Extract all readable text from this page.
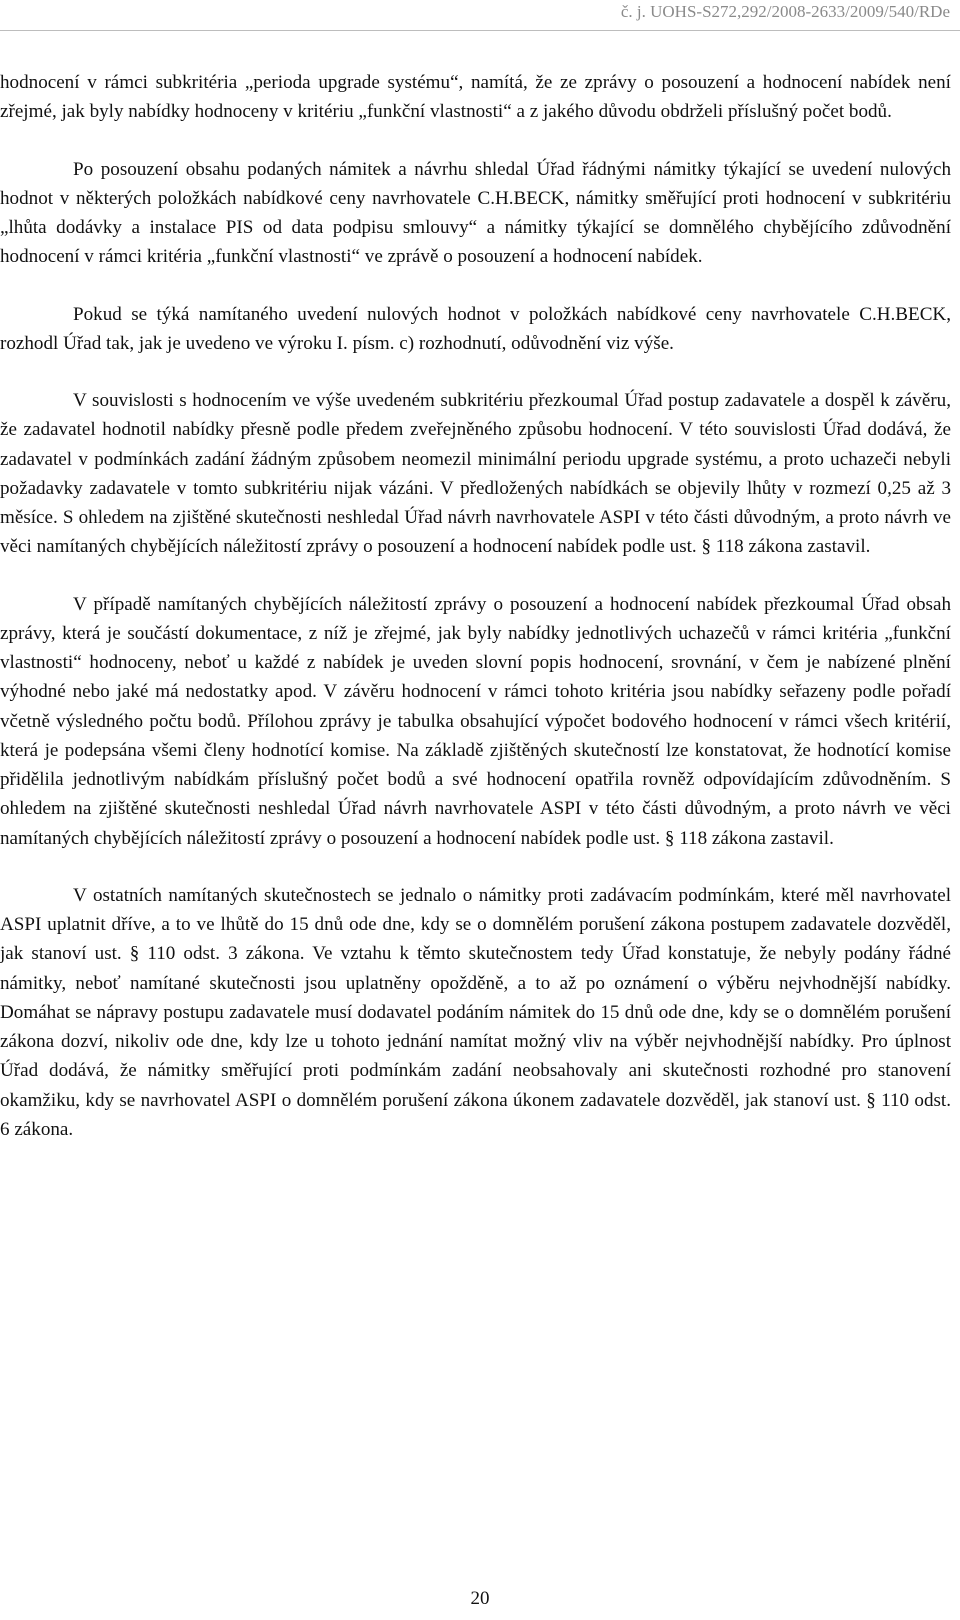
č. j. UOHS-S272,292/2008-2633/2009/540/RDe

hodnocení v rámci subkritéria „perioda upgrade systému“, namítá, že ze zprávy o posouzení a hodnocení nabídek není zřejmé, jak byly nabídky hodnoceny v kritériu „funkční vlastnosti“ a z jakého důvodu obdrželi příslušný počet bodů.

Po posouzení obsahu podaných námitek a návrhu shledal Úřad řádnými námitky týkající se uvedení nulových hodnot v některých položkách nabídkové ceny navrhovatele C.H.BECK, námitky směřující proti hodnocení v subkritériu „lhůta dodávky a instalace PIS od data podpisu smlouvy“ a námitky týkající se domnělého chybějícího zdůvodnění hodnocení v rámci kritéria „funkční vlastnosti“ ve zprávě o posouzení a hodnocení nabídek.

Pokud se týká namítaného uvedení nulových hodnot v položkách nabídkové ceny navrhovatele C.H.BECK, rozhodl Úřad tak, jak je uvedeno ve výroku I. písm. c) rozhodnutí, odůvodnění viz výše.

V souvislosti s hodnocením ve výše uvedeném subkritériu přezkoumal Úřad postup zadavatele a dospěl k závěru, že zadavatel hodnotil nabídky přesně podle předem zveřejněného způsobu hodnocení. V této souvislosti Úřad dodává, že zadavatel v podmínkách zadání žádným způsobem neomezil minimální periodu upgrade systému, a proto uchazeči nebyli požadavky zadavatele v tomto subkritériu nijak vázáni. V předložených nabídkách se objevily lhůty v rozmezí 0,25 až 3 měsíce. S ohledem na zjištěné skutečnosti neshledal Úřad návrh navrhovatele ASPI v této části důvodným, a proto návrh ve věci namítaných chybějících náležitostí zprávy o posouzení a hodnocení nabídek podle ust. § 118 zákona zastavil.

V případě namítaných chybějících náležitostí zprávy o posouzení a hodnocení nabídek přezkoumal Úřad obsah zprávy, která je součástí dokumentace, z níž je zřejmé, jak byly nabídky jednotlivých uchazečů v rámci kritéria „funkční vlastnosti“ hodnoceny, neboť u každé z nabídek je uveden slovní popis hodnocení, srovnání, v čem je nabízené plnění výhodné nebo jaké má nedostatky apod. V závěru hodnocení v rámci tohoto kritéria jsou nabídky seřazeny podle pořadí včetně výsledného počtu bodů. Přílohou zprávy je tabulka obsahující výpočet bodového hodnocení v rámci všech kritérií, která je podepsána všemi členy hodnotící komise. Na základě zjištěných skutečností lze konstatovat, že hodnotící komise přidělila jednotlivým nabídkám příslušný počet bodů a své hodnocení opatřila rovněž odpovídajícím zdůvodněním. S ohledem na zjištěné skutečnosti neshledal Úřad návrh navrhovatele ASPI v této části důvodným, a proto návrh ve věci namítaných chybějících náležitostí zprávy o posouzení a hodnocení nabídek podle ust. § 118 zákona zastavil.

V ostatních namítaných skutečnostech se jednalo o námitky proti zadávacím podmínkám, které měl navrhovatel ASPI uplatnit dříve, a to ve lhůtě do 15 dnů ode dne, kdy se o domnělém porušení zákona postupem zadavatele dozvěděl, jak stanoví ust. § 110 odst. 3 zákona. Ve vztahu k těmto skutečnostem tedy Úřad konstatuje, že nebyly podány řádné námitky, neboť namítané skutečnosti jsou uplatněny opožděně, a to až po oznámení o výběru nejvhodnější nabídky. Domáhat se nápravy postupu zadavatele musí dodavatel podáním námitek do 15 dnů ode dne, kdy se o domnělém porušení zákona dozví, nikoliv ode dne, kdy lze u tohoto jednání namítat možný vliv na výběr nejvhodnější nabídky. Pro úplnost Úřad dodává, že námitky směřující proti podmínkám zadání neobsahovaly ani skutečnosti rozhodné pro stanovení okamžiku, kdy se navrhovatel ASPI o domnělém porušení zákona úkonem zadavatele dozvěděl, jak stanoví ust. § 110 odst. 6 zákona.

20
